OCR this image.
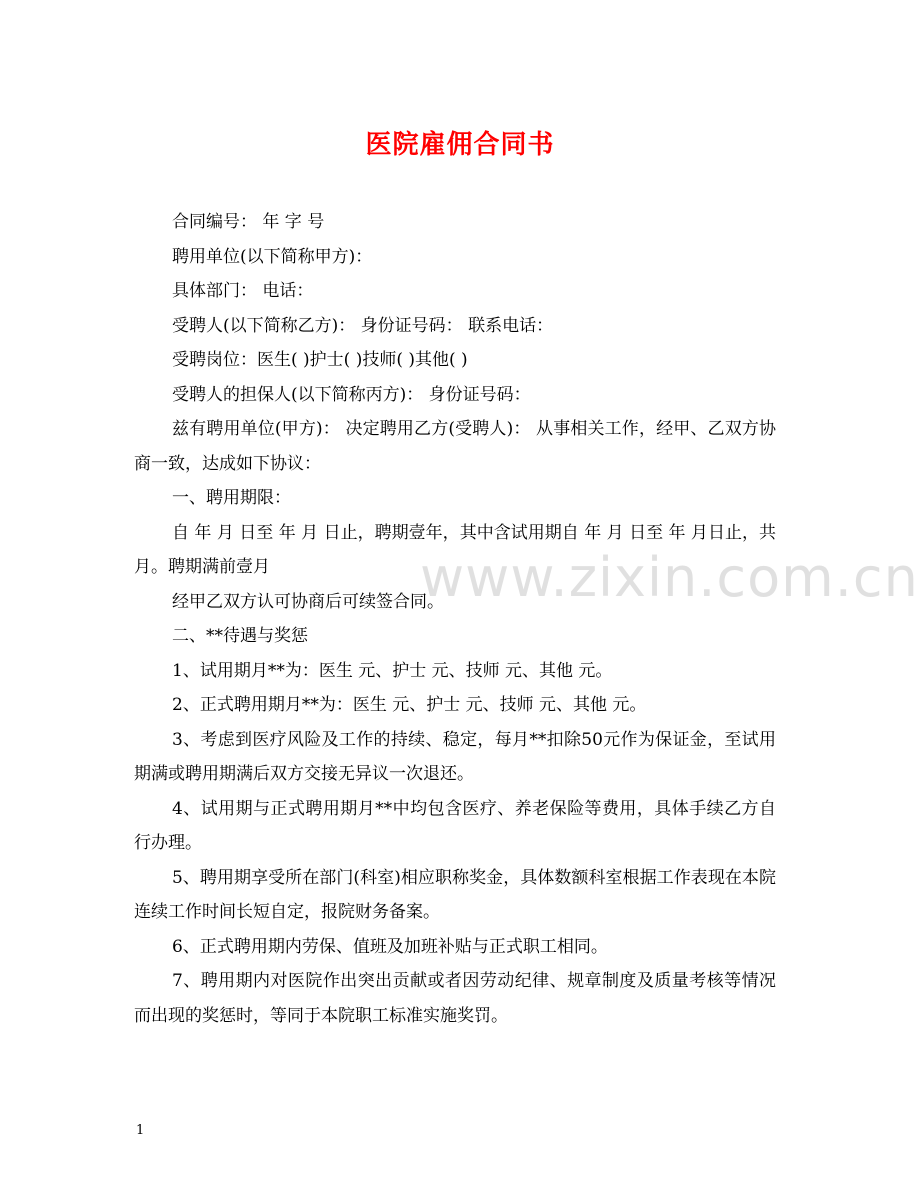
医院雇佣合同书

合同编号： 年 字 号

聘用单位(以下简称甲方)：

具体部门： 电话：

受聘人(以下简称乙方)： 身份证号码： 联系电话：

受聘岗位：医生( )护士( )技师( )其他( )

受聘人的担保人(以下简称丙方)： 身份证号码：

兹有聘用单位(甲方)： 决定聘用乙方(受聘人)： 从事相关工作，经甲、乙双方协商一致，达成如下协议：

一、聘用期限：

自 年 月 日至 年 月 日止，聘期壹年，其中含试用期自 年 月 日至 年 月日止，共 月。聘期满前壹月

经甲乙双方认可协商后可续签合同。

二、**待遇与奖惩

1、试用期月**为：医生 元、护士 元、技师 元、其他 元。

2、正式聘用期月**为：医生 元、护士 元、技师 元、其他 元。

3、考虑到医疗风险及工作的持续、稳定，每月**扣除50元作为保证金，至试用期满或聘用期满后双方交接无异议一次退还。

4、试用期与正式聘用期月**中均包含医疗、养老保险等费用，具体手续乙方自行办理。

5、聘用期享受所在部门(科室)相应职称奖金，具体数额科室根据工作表现在本院连续工作时间长短自定，报院财务备案。

6、正式聘用期内劳保、值班及加班补贴与正式职工相同。

7、聘用期内对医院作出突出贡献或者因劳动纪律、规章制度及质量考核等情况而出现的奖惩时，等同于本院职工标准实施奖罚。

www.zixin.com.cn
1
